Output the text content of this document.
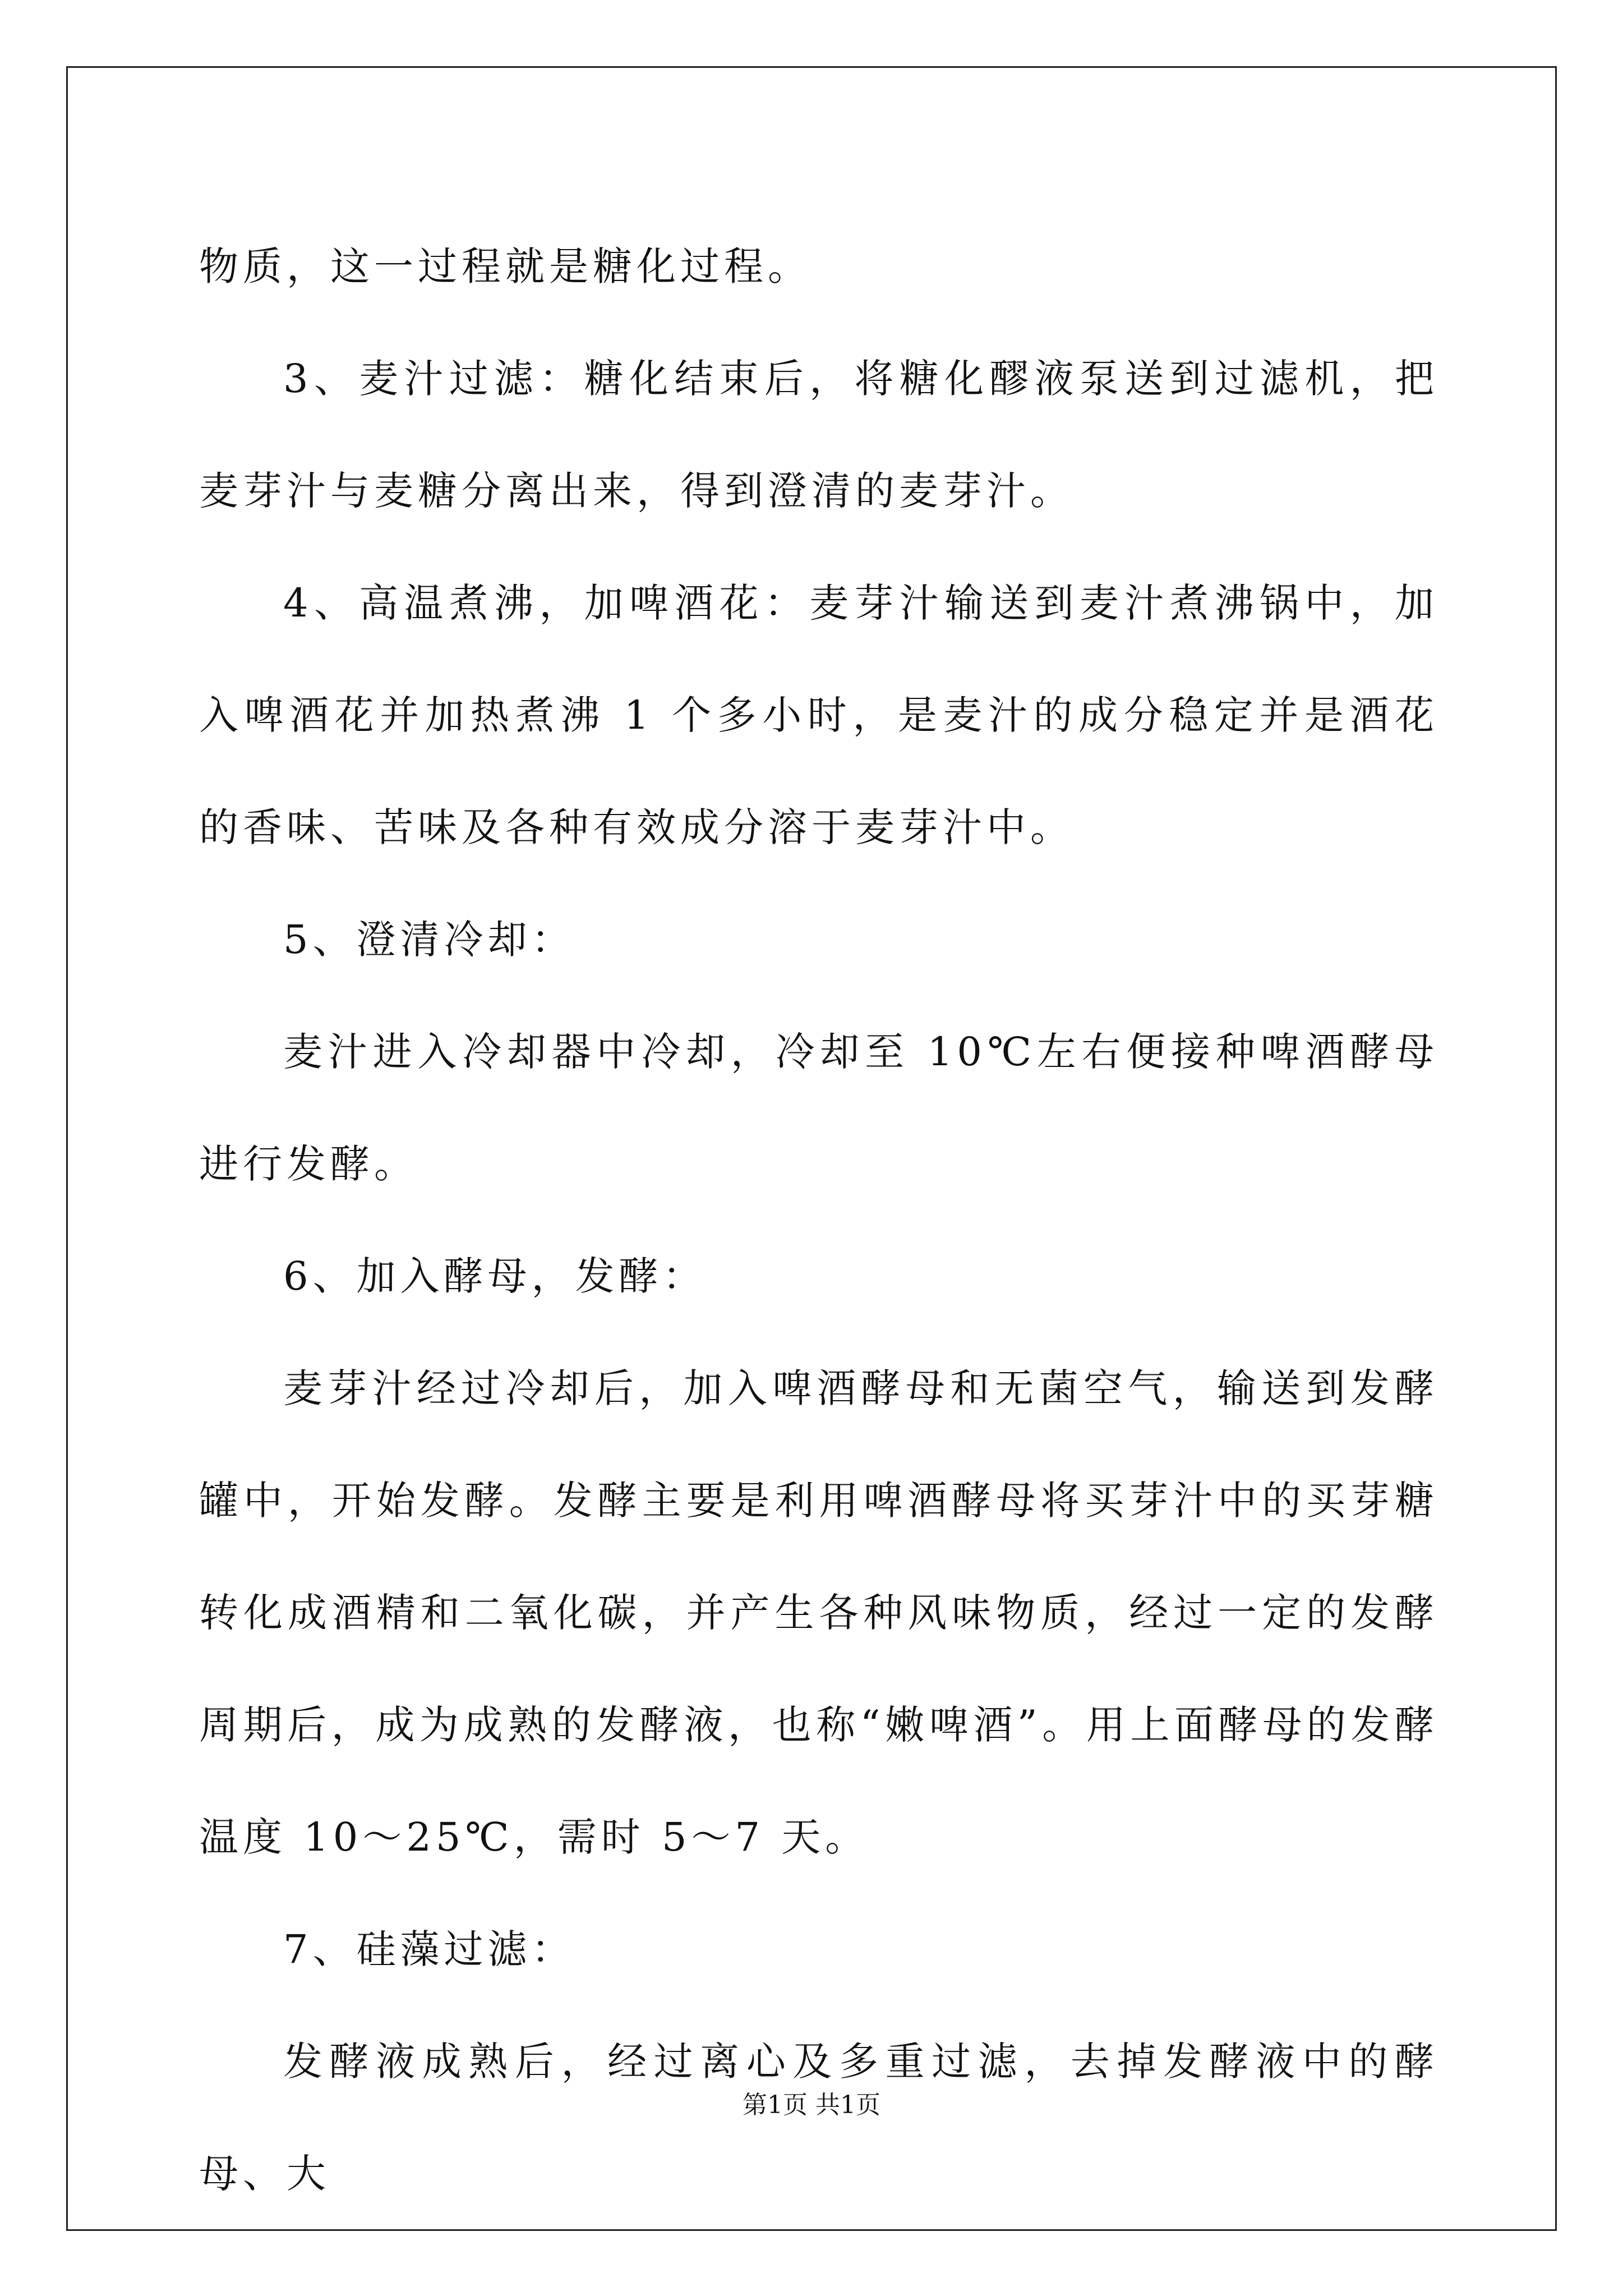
物质，这一过程就是糖化过程。

3、麦汁过滤：糖化结束后，将糖化醪液泵送到过滤机，把麦芽汁与麦糖分离出来，得到澄清的麦芽汁。

4、高温煮沸，加啤酒花：麦芽汁输送到麦汁煮沸锅中，加入啤酒花并加热煮沸 1 个多小时，是麦汁的成分稳定并是酒花的香味、苦味及各种有效成分溶于麦芽汁中。

5、澄清冷却：

麦汁进入冷却器中冷却，冷却至 10℃左右便接种啤酒酵母进行发酵。

6、加入酵母，发酵：

麦芽汁经过冷却后，加入啤酒酵母和无菌空气，输送到发酵罐中，开始发酵。发酵主要是利用啤酒酵母将买芽汁中的买芽糖转化成酒精和二氧化碳，并产生各种风味物质，经过一定的发酵周期后，成为成熟的发酵液，也称“嫩啤酒”。用上面酵母的发酵温度 10～25℃，需时 5～7 天。

7、硅藻过滤：

发酵液成熟后，经过离心及多重过滤，去掉发酵液中的酵母、大

第1页 共1页
